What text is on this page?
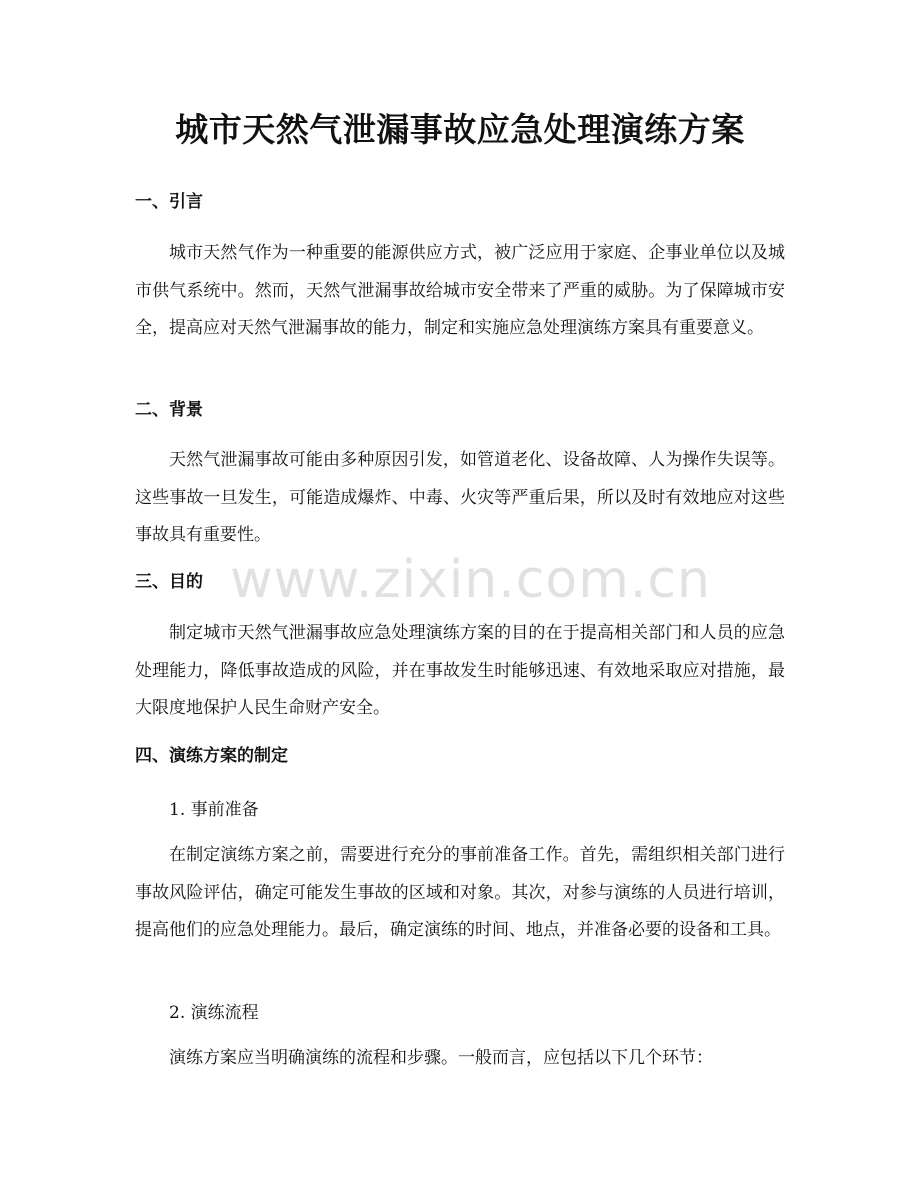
城市天然气泄漏事故应急处理演练方案
一、引言

城市天然气作为一种重要的能源供应方式，被广泛应用于家庭、企事业单位以及城市供气系统中。然而，天然气泄漏事故给城市安全带来了严重的威胁。为了保障城市安全，提高应对天然气泄漏事故的能力，制定和实施应急处理演练方案具有重要意义。

二、背景

天然气泄漏事故可能由多种原因引发，如管道老化、设备故障、人为操作失误等。这些事故一旦发生，可能造成爆炸、中毒、火灾等严重后果，所以及时有效地应对这些事故具有重要性。

三、目的

制定城市天然气泄漏事故应急处理演练方案的目的在于提高相关部门和人员的应急处理能力，降低事故造成的风险，并在事故发生时能够迅速、有效地采取应对措施，最大限度地保护人民生命财产安全。

四、演练方案的制定

1. 事前准备

在制定演练方案之前，需要进行充分的事前准备工作。首先，需组织相关部门进行事故风险评估，确定可能发生事故的区域和对象。其次，对参与演练的人员进行培训，提高他们的应急处理能力。最后，确定演练的时间、地点，并准备必要的设备和工具。

2. 演练流程

演练方案应当明确演练的流程和步骤。一般而言，应包括以下几个环节：

www.zixin.com.cn
